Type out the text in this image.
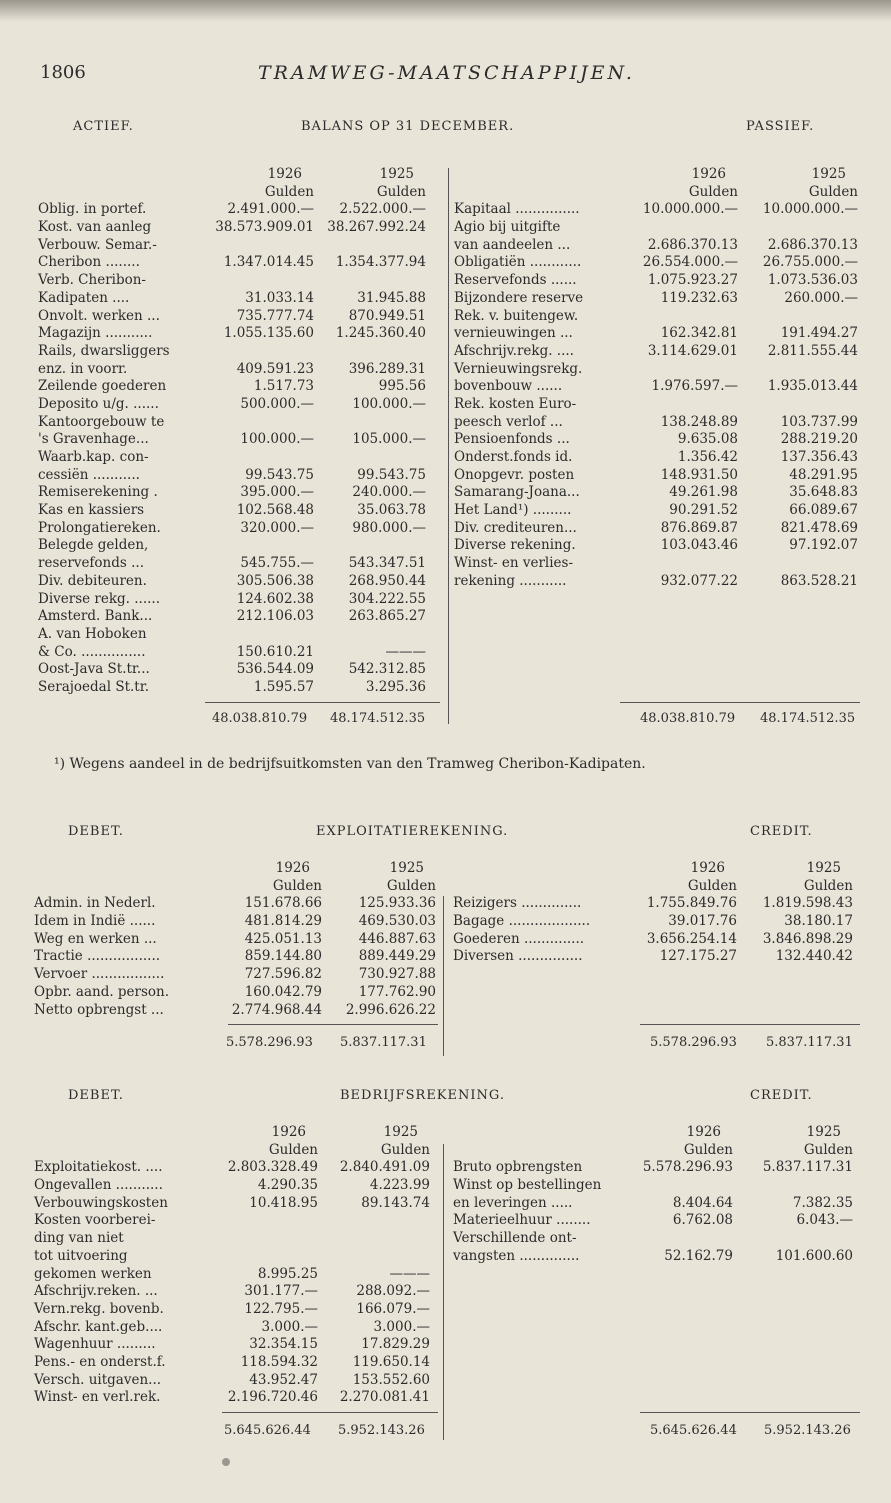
1806	TRAMWEG-MAATSCHAPPIJEN.
ACTIEF.	BALANS OP 31 DECEMBER.	PASSIEF.
1926	1925
Gulden	Gulden
Oblig. in portef.	2.491.000.—	2.522.000.—
Kost. van aanleg	38.573.909.01 38.267.992.24
Verbouw. Semar.-
Cheribon ........	1.347.014.45	1.354.377.94
Verb. Cheribon-
Kadipaten ....	31.033.14	31.945.88
Onvolt. werken ...	735.777.74	870.949.51
Magazijn ...........	1.055.135.60	1.245.360.40
Rails, dwarsliggers
enz. in voorr.	409.591.23	396.289.31
Zeilende goederen	1.517.73	995.56
Deposito u/g. ......	500.000.—	100.000.—
Kantoorgebouw te
's Gravenhage...	100.000.—	105.000.—
Waarb.kap. con-
cessiën ...........	99.543.75	99.543.75
Remiserekening .	395.000.—	240.000.—
Kas en kassiers	102.568.48	35.063.78
Prolongatiereken.	320.000.—	980.000.—
Belegde gelden,
reservefonds ...	545.755.—	543.347.51
Div. debiteuren.	305.506.38	268.950.44
Diverse rekg. ......	124.602.38	304.222.55
Amsterd. Bank...	212.106.03	263.865.27
A. van Hoboken
& Co. ...............	150.610.21	———
Oost-Java St.tr...	536.544.09	542.312.85
Serajoedal St.tr.	1.595.57	3.295.36
1926	1925
Gulden	Gulden
Kapitaal ...............	10.000.000.—	10.000.000.—
Agio bij uitgifte
van aandeelen ...	2.686.370.13	2.686.370.13
Obligatiën ............	26.554.000.—	26.755.000.—
Reservefonds ......	1.075.923.27	1.073.536.03
Bijzondere reserve	119.232.63	260.000.—
Rek. v. buitengew.
vernieuwingen ...	162.342.81	191.494.27
Afschrijv.rekg. ....	3.114.629.01	2.811.555.44
Vernieuwingsrekg.
bovenbouw ......	1.976.597.—	1.935.013.44
Rek. kosten Euro-
peesch verlof ...	138.248.89	103.737.99
Pensioenfonds ...	9.635.08	288.219.20
Onderst.fonds id.	1.356.42	137.356.43
Onopgevr. posten	148.931.50	48.291.95
Samarang-Joana...	49.261.98	35.648.83
Het Land¹) .........	90.291.52	66.089.67
Div. crediteuren...	876.869.87	821.478.69
Diverse rekening.	103.043.46	97.192.07
Winst- en verlies-
rekening ...........	932.077.22	863.528.21
48.038.810.79 48.174.512.35	48.038.810.79 48.174.512.35
¹) Wegens aandeel in de bedrijfsuitkomsten van den Tramweg Cheribon-Kadipaten.
DEBET.	EXPLOITATIEREKENING.	CREDIT.
1926	1925
Gulden	Gulden
Admin. in Nederl.	151.678.66	125.933.36
Idem in Indië ......	481.814.29	469.530.03
Weg en werken ...	425.051.13	446.887.63
Tractie .................	859.144.80	889.449.29
Vervoer .................	727.596.82	730.927.88
Opbr. aand. person.	160.042.79	177.762.90
Netto opbrengst ...	2.774.968.44	2.996.626.22
1926	1925
Gulden	Gulden
Reizigers ..............	1.755.849.76	1.819.598.43
Bagage ...................	39.017.76	38.180.17
Goederen ..............	3.656.254.14	3.846.898.29
Diversen ...............	127.175.27	132.440.42
5.578.296.93 5.837.117.31	5.578.296.93 5.837.117.31
DEBET.	BEDRIJFSREKENING.	CREDIT.
1926	1925
Gulden	Gulden
Exploitatiekost. ....	2.803.328.49	2.840.491.09
Ongevallen ...........	4.290.35	4.223.99
Verbouwingskosten	10.418.95	89.143.74
Kosten voorberei-
ding van niet
tot uitvoering
gekomen werken	8.995.25	———
Afschrijv.reken. ...	301.177.—	288.092.—
Vern.rekg. bovenb.	122.795.—	166.079.—
Afschr. kant.geb....	3.000.—	3.000.—
Wagenhuur .........	32.354.15	17.829.29
Pens.- en onderst.f.	118.594.32	119.650.14
Versch. uitgaven...	43.952.47	153.552.60
Winst- en verl.rek.	2.196.720.46	2.270.081.41
1926	1925
Gulden	Gulden
Bruto opbrengsten	5.578.296.93	5.837.117.31
Winst op bestellingen
en leveringen .....	8.404.64	7.382.35
Materieelhuur ........	6.762.08	6.043.—
Verschillende ont-
vangsten ..............	52.162.79	101.600.60
5.645.626.44 5.952.143.26	5.645.626.44 5.952.143.26
